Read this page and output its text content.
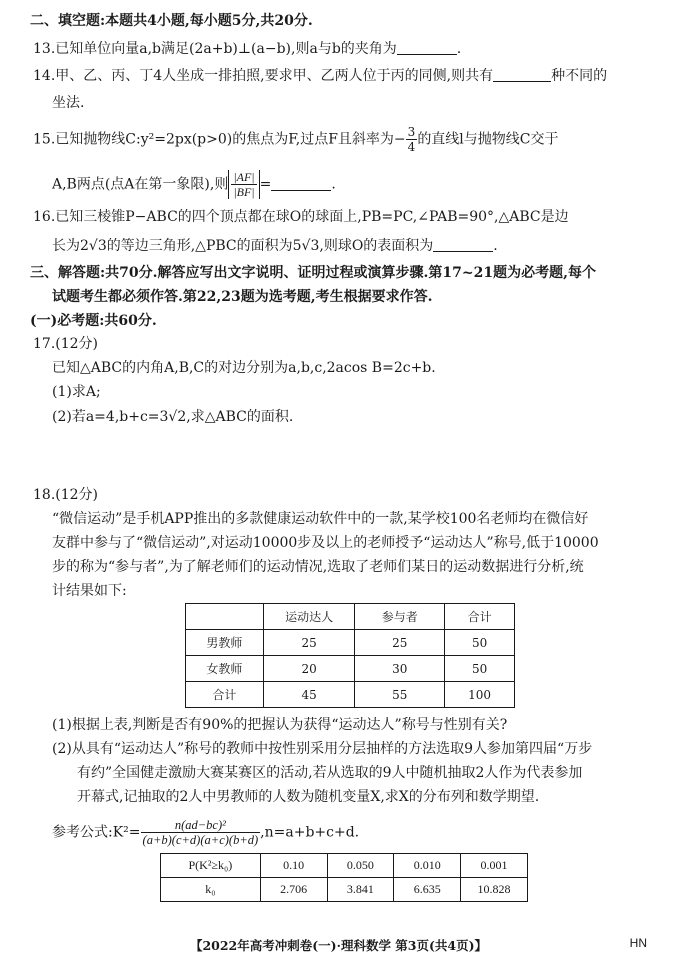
二、填空题:本题共4小题,每小题5分,共20分.
13.已知单位向量a,b满足(2a+b)⊥(a−b),则a与b的夹角为	.
14.甲、乙、丙、丁4人坐成一排拍照,要求甲、乙两人位于丙的同侧,则共有	种不同的
坐法.
15.已知抛物线C:y²=2px(p>0)的焦点为F,过点F且斜率为− $\frac{3}{4}$ 的直线l与抛物线C交于
A,B两点(点A在第一象限),则 $\frac{|AF|}{|BF|}$ =	.
16.已知三棱锥P−ABC的四个顶点都在球O的球面上,PB=PC,∠PAB=90°,△ABC是边
长为2√3的等边三角形,△PBC的面积为5√3,则球O的表面积为	.
三、解答题:共70分.解答应写出文字说明、证明过程或演算步骤.第17~21题为必考题,每个
试题考生都必须作答.第22,23题为选考题,考生根据要求作答.
(一)必考题:共60分.
17.(12分)
已知△ABC的内角A,B,C的对边分别为a,b,c,2acos B=2c+b.
(1)求A;
(2)若a=4,b+c=3√2,求△ABC的面积.
18.(12分)
“微信运动”是手机APP推出的多款健康运动软件中的一款,某学校100名老师均在微信好
友群中参与了“微信运动”,对运动10000步及以上的老师授予“运动达人”称号,低于10000
步的称为“参与者”,为了解老师们的运动情况,选取了老师们某日的运动数据进行分析,统
计结果如下:
	运动达人	参与者	合计
男教师	25	25	50
女教师	20	30	50
合计	45	55	100
(1)根据上表,判断是否有90%的把握认为获得“运动达人”称号与性别有关?
(2)从具有“运动达人”称号的教师中按性别采用分层抽样的方法选取9人参加第四届“万步
有约”全国健走激励大赛某赛区的活动,若从选取的9人中随机抽取2人作为代表参加
开幕式,记抽取的2人中男教师的人数为随机变量X,求X的分布列和数学期望.
参考公式:K²= $\frac{\text{n(ad−bc)²}}{(a+b)(c+d)(a+c)(b+d)} ,n=a+b+c+d$.
P(K²≥k₀)	0.10	0.050	0.010	0.001
k₀	2.706	3.841	6.635	10.828
【2022年高考冲刺卷(一)·理科数学 第3页(共4页)】	HN
